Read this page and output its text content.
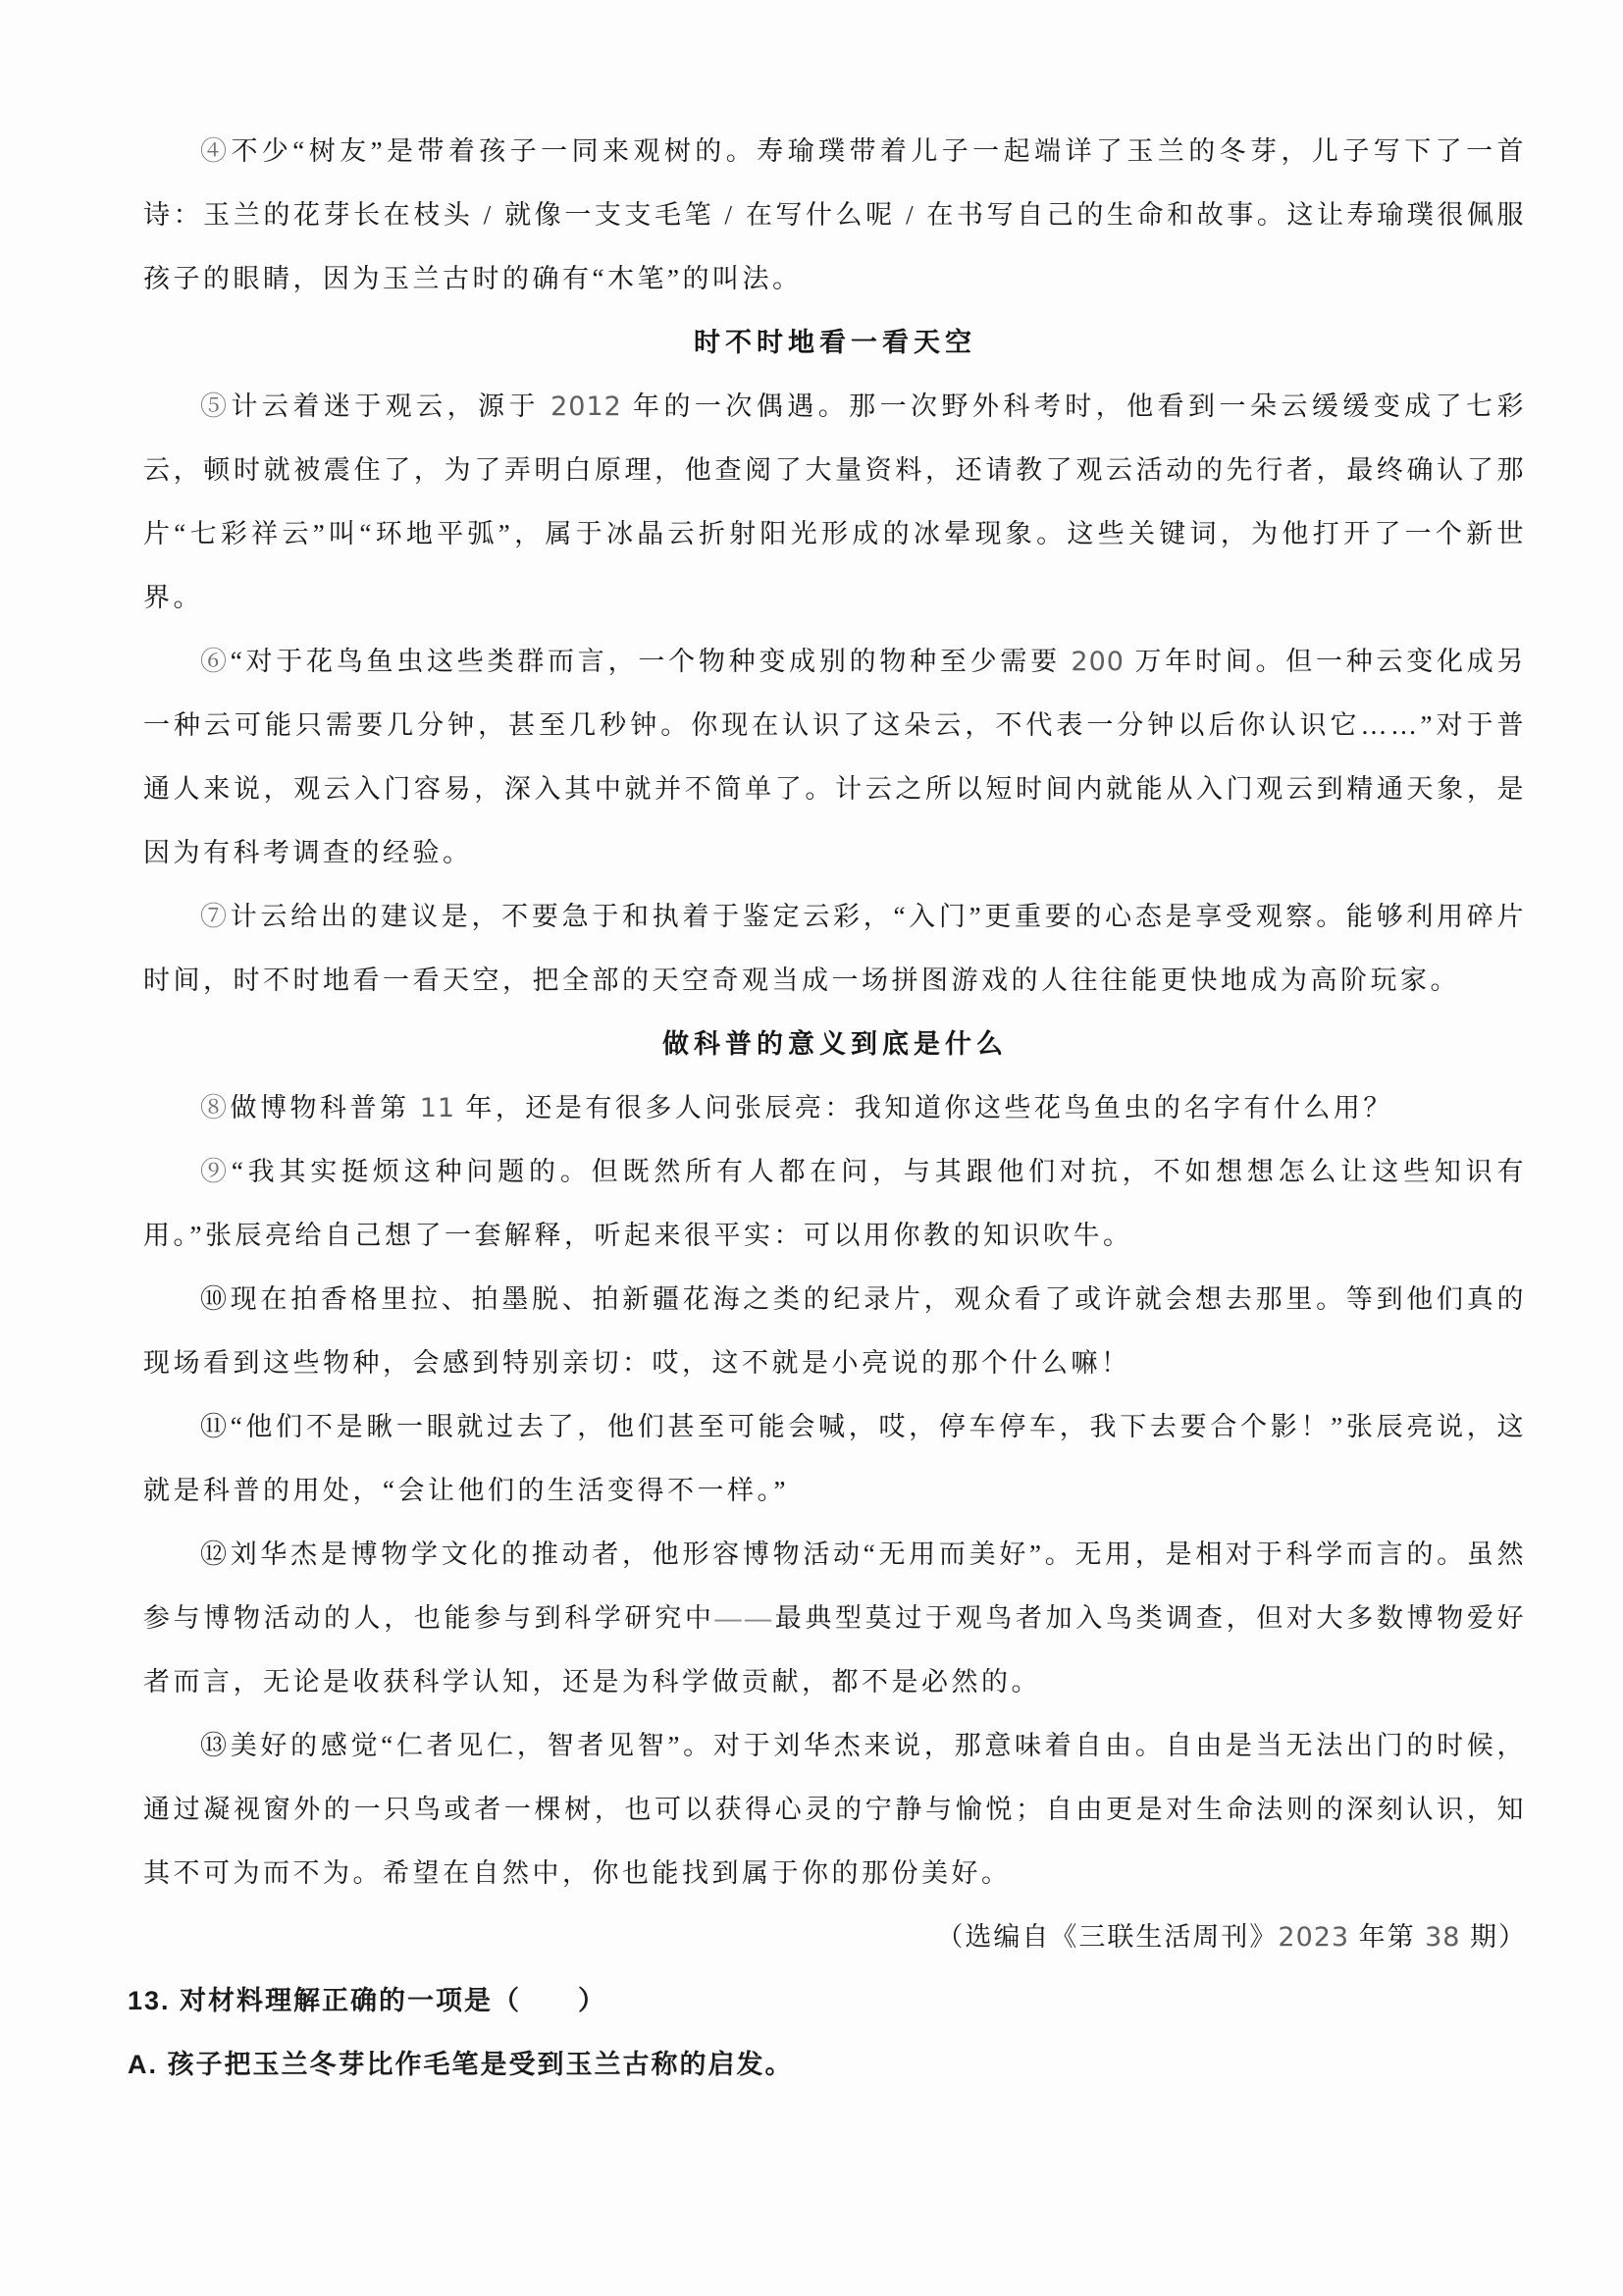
④不少“树友”是带着孩子一同来观树的。寿瑜璞带着儿子一起端详了玉兰的冬芽，儿子写下了一首诗：玉兰的花芽长在枝头 / 就像一支支毛笔 / 在写什么呢 / 在书写自己的生命和故事。这让寿瑜璞很佩服孩子的眼睛，因为玉兰古时的确有“木笔”的叫法。

时不时地看一看天空

⑤计云着迷于观云，源于 2012 年的一次偶遇。那一次野外科考时，他看到一朵云缓缓变成了七彩云，顿时就被震住了，为了弄明白原理，他查阅了大量资料，还请教了观云活动的先行者，最终确认了那片“七彩祥云”叫“环地平弧”，属于冰晶云折射阳光形成的冰晕现象。这些关键词，为他打开了一个新世界。

⑥“对于花鸟鱼虫这些类群而言，一个物种变成别的物种至少需要 200 万年时间。但一种云变化成另一种云可能只需要几分钟，甚至几秒钟。你现在认识了这朵云，不代表一分钟以后你认识它……”对于普通人来说，观云入门容易，深入其中就并不简单了。计云之所以短时间内就能从入门观云到精通天象，是因为有科考调查的经验。

⑦计云给出的建议是，不要急于和执着于鉴定云彩，“入门”更重要的心态是享受观察。能够利用碎片时间，时不时地看一看天空，把全部的天空奇观当成一场拼图游戏的人往往能更快地成为高阶玩家。

做科普的意义到底是什么

⑧做博物科普第 11 年，还是有很多人问张辰亮：我知道你这些花鸟鱼虫的名字有什么用？

⑨“我其实挺烦这种问题的。但既然所有人都在问，与其跟他们对抗，不如想想怎么让这些知识有用。”张辰亮给自己想了一套解释，听起来很平实：可以用你教的知识吹牛。

⑩现在拍香格里拉、拍墨脱、拍新疆花海之类的纪录片，观众看了或许就会想去那里。等到他们真的现场看到这些物种，会感到特别亲切：哎，这不就是小亮说的那个什么嘛！

⑪“他们不是瞅一眼就过去了，他们甚至可能会喊，哎，停车停车，我下去要合个影！”张辰亮说，这就是科普的用处，“会让他们的生活变得不一样。”

⑫刘华杰是博物学文化的推动者，他形容博物活动“无用而美好”。无用，是相对于科学而言的。虽然参与博物活动的人，也能参与到科学研究中——最典型莫过于观鸟者加入鸟类调查，但对大多数博物爱好者而言，无论是收获科学认知，还是为科学做贡献，都不是必然的。

⑬美好的感觉“仁者见仁，智者见智”。对于刘华杰来说，那意味着自由。自由是当无法出门的时候，通过凝视窗外的一只鸟或者一棵树，也可以获得心灵的宁静与愉悦；自由更是对生命法则的深刻认识，知其不可为而不为。希望在自然中，你也能找到属于你的那份美好。

（选编自《三联生活周刊》2023 年第 38 期）

13. 对材料理解正确的一项是（　　）

A. 孩子把玉兰冬芽比作毛笔是受到玉兰古称的启发。
